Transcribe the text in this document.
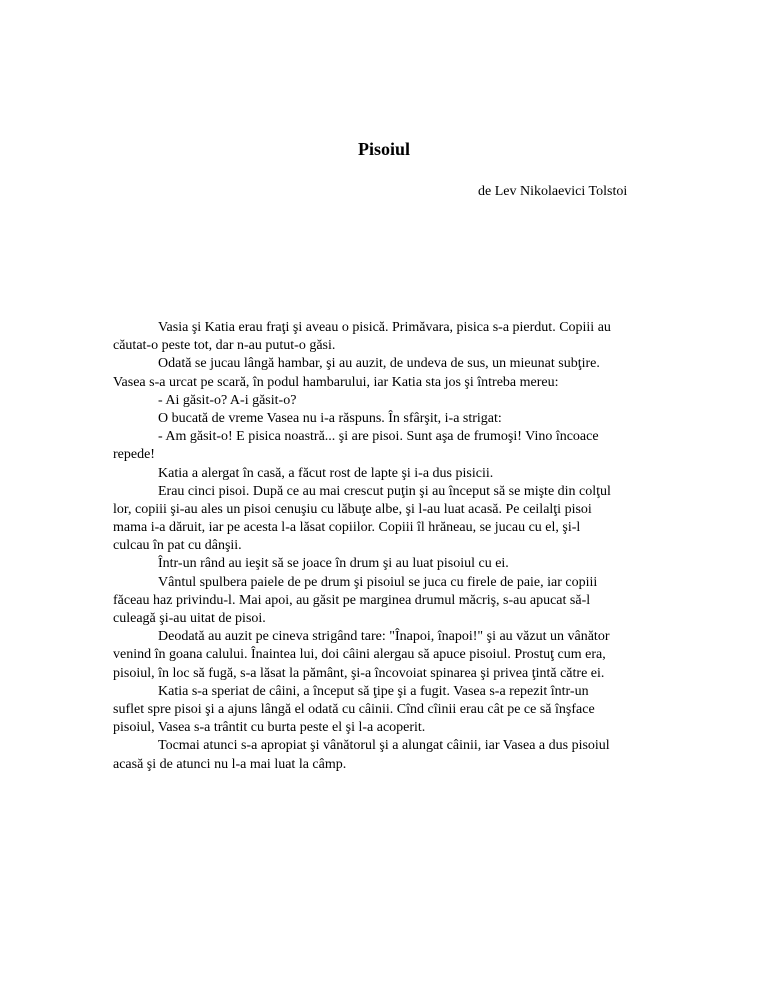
Pisoiul
de Lev Nikolaevici Tolstoi
Vasia şi Katia erau fraţi şi aveau o pisică. Primăvara, pisica s-a pierdut. Copiii au
căutat-o peste tot, dar n-au putut-o găsi.
Odată se jucau lângă hambar, şi au auzit, de undeva de sus, un mieunat subţire.
Vasea s-a urcat pe scară, în podul hambarului, iar Katia sta jos şi întreba mereu:
- Ai găsit-o? A-i găsit-o?
O bucată de vreme Vasea nu i-a răspuns. În sfârşit, i-a strigat:
- Am găsit-o! E pisica noastră... şi are pisoi. Sunt aşa de frumoşi! Vino încoace
repede!
Katia a alergat în casă, a făcut rost de lapte şi i-a dus pisicii.
Erau cinci pisoi. După ce au mai crescut puţin şi au început să se mişte din colţul
lor, copiii şi-au ales un pisoi cenuşiu cu lăbuţe albe, şi l-au luat acasă. Pe ceilalţi pisoi
mama i-a dăruit, iar pe acesta l-a lăsat copiilor. Copiii îl hrăneau, se jucau cu el, şi-l
culcau în pat cu dânşii.
Într-un rând au ieşit să se joace în drum şi au luat pisoiul cu ei.
Vântul spulbera paiele de pe drum şi pisoiul se juca cu firele de paie, iar copiii
făceau haz privindu-l. Mai apoi, au găsit pe marginea drumul măcriş, s-au apucat să-l
culeagă şi-au uitat de pisoi.
Deodată au auzit pe cineva strigând tare: "Înapoi, înapoi!" şi au văzut un vânător
venind în goana calului. Înaintea lui, doi câini alergau să apuce pisoiul. Prostuţ cum era,
pisoiul, în loc să fugă, s-a lăsat la pământ, şi-a încovoiat spinarea şi privea ţintă către ei.
Katia s-a speriat de câini, a început să ţipe şi a fugit. Vasea s-a repezit într-un
suflet spre pisoi şi a ajuns lângă el odată cu câinii. Cînd cîinii erau cât pe ce să înşface
pisoiul, Vasea s-a trântit cu burta peste el şi l-a acoperit.
Tocmai atunci s-a apropiat şi vânătorul şi a alungat câinii, iar Vasea a dus pisoiul
acasă şi de atunci nu l-a mai luat la câmp.
